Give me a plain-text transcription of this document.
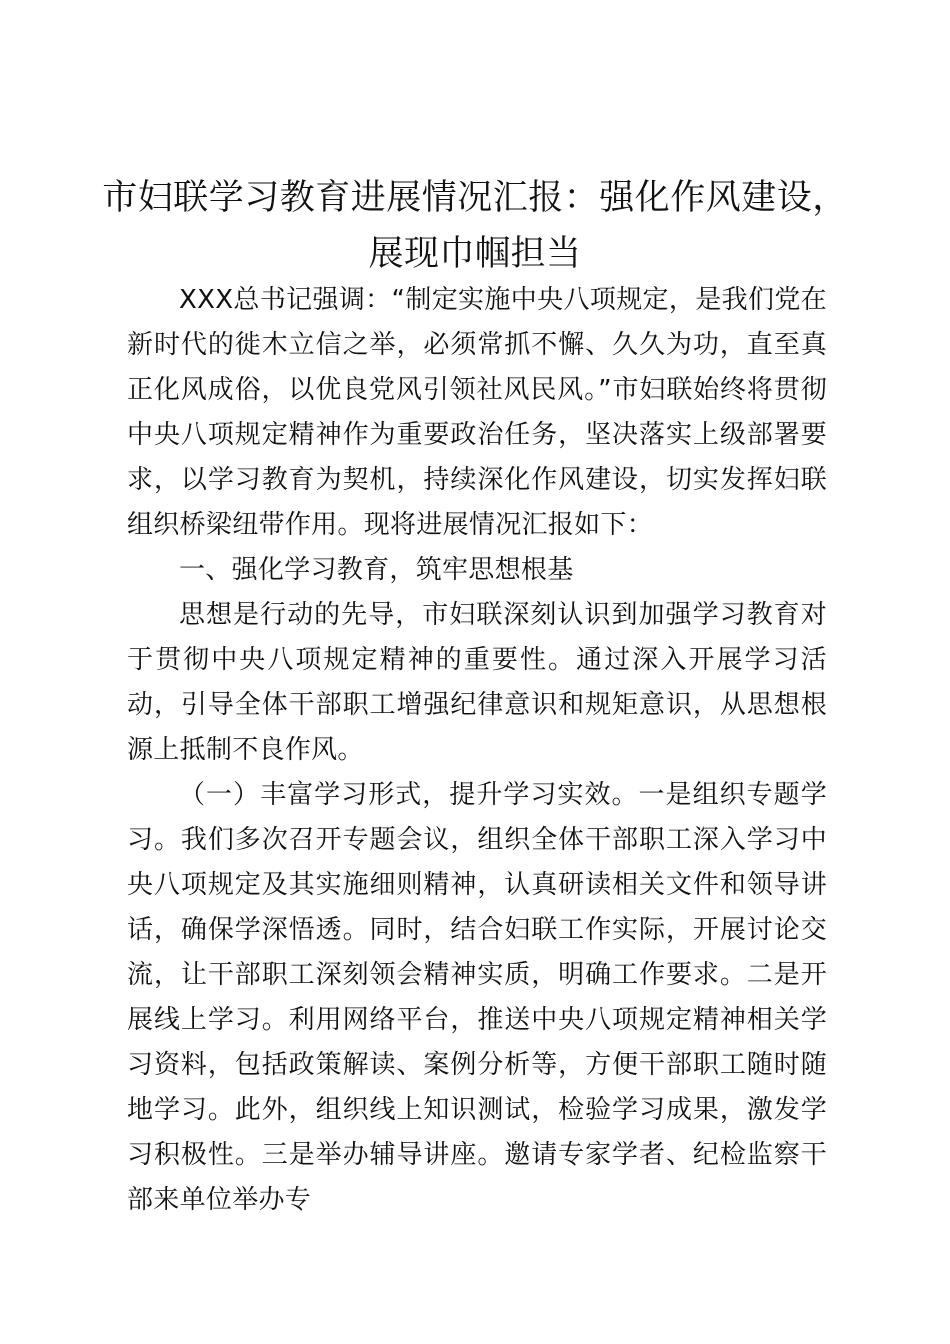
市妇联学习教育进展情况汇报：强化作风建设，展现巾帼担当

XXX总书记强调：“制定实施中央八项规定，是我们党在新时代的徙木立信之举，必须常抓不懈、久久为功，直至真正化风成俗，以优良党风引领社风民风。”市妇联始终将贯彻中央八项规定精神作为重要政治任务，坚决落实上级部署要求，以学习教育为契机，持续深化作风建设，切实发挥妇联组织桥梁纽带作用。现将进展情况汇报如下：

一、强化学习教育，筑牢思想根基

思想是行动的先导，市妇联深刻认识到加强学习教育对于贯彻中央八项规定精神的重要性。通过深入开展学习活动，引导全体干部职工增强纪律意识和规矩意识，从思想根源上抵制不良作风。

（一）丰富学习形式，提升学习实效。一是组织专题学习。我们多次召开专题会议，组织全体干部职工深入学习中央八项规定及其实施细则精神，认真研读相关文件和领导讲话，确保学深悟透。同时，结合妇联工作实际，开展讨论交流，让干部职工深刻领会精神实质，明确工作要求。二是开展线上学习。利用网络平台，推送中央八项规定精神相关学习资料，包括政策解读、案例分析等，方便干部职工随时随地学习。此外，组织线上知识测试，检验学习成果，激发学习积极性。三是举办辅导讲座。邀请专家学者、纪检监察干部来单位举办专
